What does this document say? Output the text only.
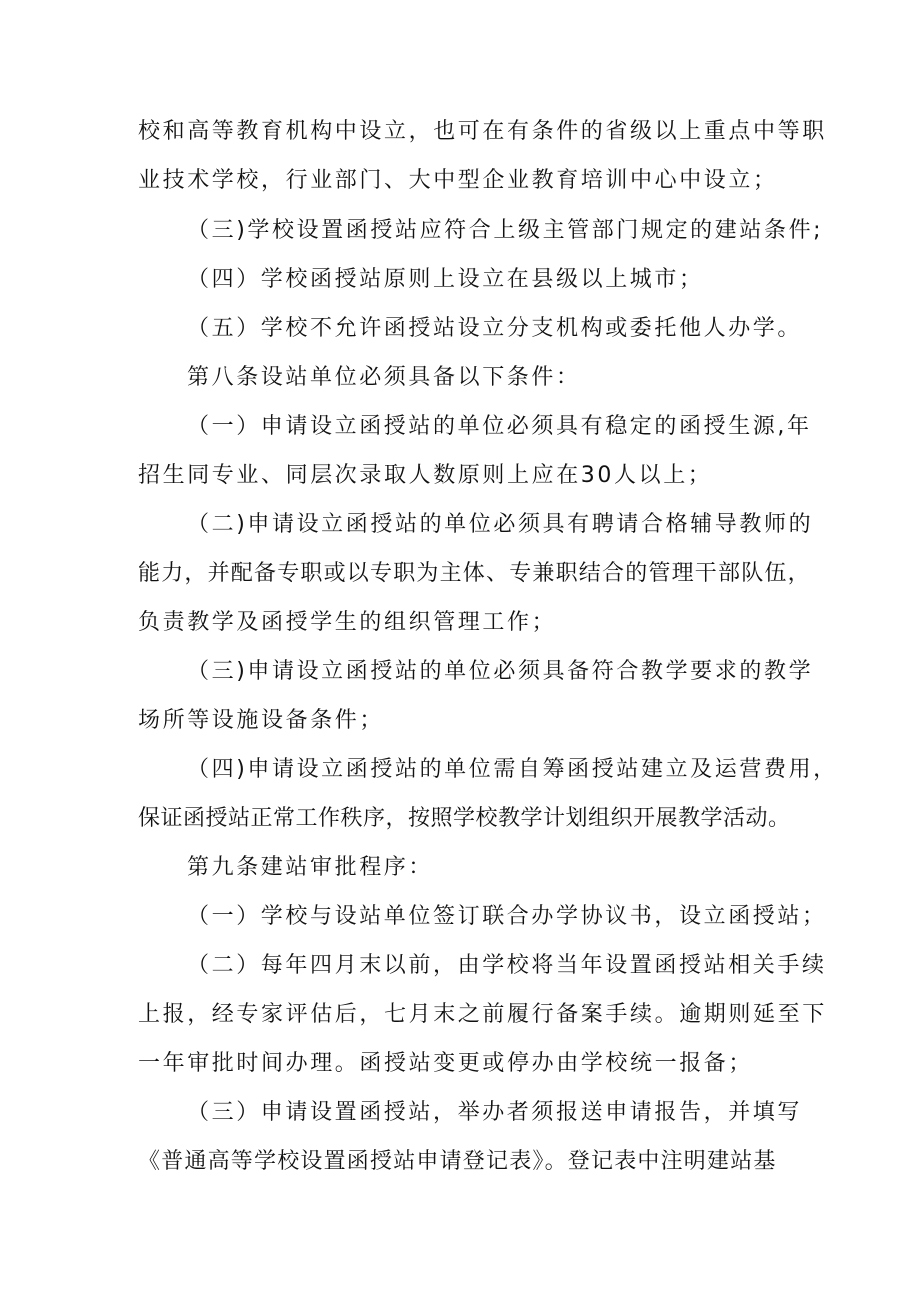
校和高等教育机构中设立，也可在有条件的省级以上重点中等职
业技术学校，行业部门、大中型企业教育培训中心中设立；
（三)学校设置函授站应符合上级主管部门规定的建站条件;
（四）学校函授站原则上设立在县级以上城市；
（五）学校不允许函授站设立分支机构或委托他人办学。
第八条设站单位必须具备以下条件：
（一）申请设立函授站的单位必须具有稳定的函授生源,年
招生同专业、同层次录取人数原则上应在30人以上；
（二)申请设立函授站的单位必须具有聘请合格辅导教师的
能力，并配备专职或以专职为主体、专兼职结合的管理干部队伍，
负责教学及函授学生的组织管理工作；
（三)申请设立函授站的单位必须具备符合教学要求的教学
场所等设施设备条件；
（四)申请设立函授站的单位需自筹函授站建立及运营费用，
保证函授站正常工作秩序，按照学校教学计划组织开展教学活动。
第九条建站审批程序：
（一）学校与设站单位签订联合办学协议书，设立函授站；
（二）每年四月末以前，由学校将当年设置函授站相关手续
上报，经专家评估后，七月末之前履行备案手续。逾期则延至下
一年审批时间办理。函授站变更或停办由学校统一报备；
（三）申请设置函授站，举办者须报送申请报告，并填写
《普通高等学校设置函授站申请登记表》。登记表中注明建站基
